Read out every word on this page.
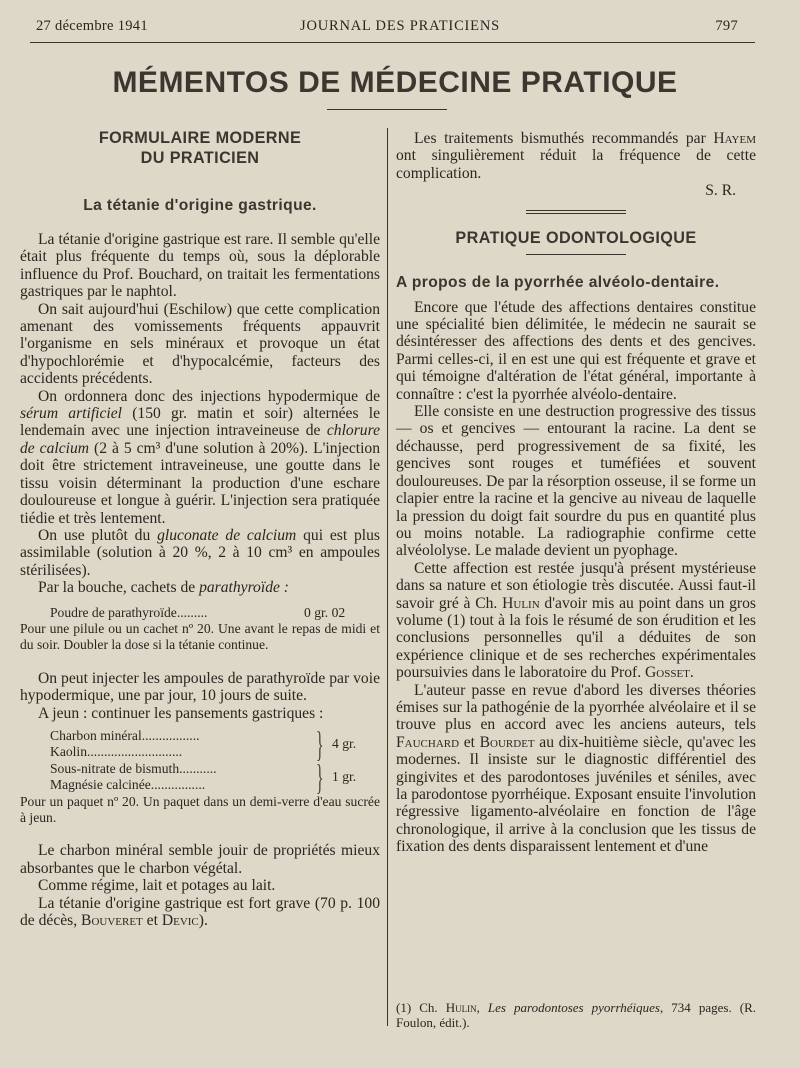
27 décembre 1941	JOURNAL DES PRATICIENS	797
MÉMENTOS DE MÉDECINE PRATIQUE
FORMULAIRE MODERNE
DU PRATICIEN
La tétanie d'origine gastrique.

La tétanie d'origine gastrique est rare. Il semble qu'elle était plus fréquente du temps où, sous la déplorable influence du Prof. Bouchard, on traitait les fermentations gastriques par le naphtol.

On sait aujourd'hui (Eschilow) que cette complication amenant des vomissements fréquents appauvrit l'organisme en sels minéraux et provoque un état d'hypochlorémie et d'hypocalcémie, facteurs des accidents précédents.

On ordonnera donc des injections hypodermique de sérum artificiel (150 gr. matin et soir) alternées le lendemain avec une injection intraveineuse de chlorure de calcium (2 à 5 cm³ d'une solution à 20%). L'injection doit être strictement intraveineuse, une goutte dans le tissu voisin déterminant la production d'une eschare douloureuse et longue à guérir. L'injection sera pratiquée tiédie et très lentement.

On use plutôt du gluconate de calcium qui est plus assimilable (solution à 20 %, 2 à 10 cm³ en ampoules stérilisées).

Par la bouche, cachets de parathyroïde :

Poudre de parathyroïde.........	0 gr. 02

Pour une pilule ou un cachet nº 20. Une avant le repas de midi et du soir. Doubler la dose si la tétanie continue.

On peut injecter les ampoules de parathyroïde par voie hypodermique, une par jour, 10 jours de suite.

A jeun : continuer les pansements gastriques :

Charbon minéral.................
Kaolin............................	} 4 gr.
Sous-nitrate de bismuth...........
Magnésie calcinée................	} 1 gr.

Pour un paquet nº 20. Un paquet dans un demi-verre d'eau sucrée à jeun.

Le charbon minéral semble jouir de propriétés mieux absorbantes que le charbon végétal.

Comme régime, lait et potages au lait.

La tétanie d'origine gastrique est fort grave (70 p. 100 de décès, Bouveret et Devic).

Les traitements bismuthés recommandés par Hayem ont singulièrement réduit la fréquence de cette complication.

S. R.

PRATIQUE ODONTOLOGIQUE
A propos de la pyorrhée alvéolo-dentaire.

Encore que l'étude des affections dentaires constitue une spécialité bien délimitée, le médecin ne saurait se désintéresser des affections des dents et des gencives. Parmi celles-ci, il en est une qui est fréquente et grave et qui témoigne d'altération de l'état général, importante à connaître : c'est la pyorrhée alvéolo-dentaire.

Elle consiste en une destruction progressive des tissus — os et gencives — entourant la racine. La dent se déchausse, perd progressivement de sa fixité, les gencives sont rouges et tuméfiées et souvent douloureuses. De par la résorption osseuse, il se forme un clapier entre la racine et la gencive au niveau de laquelle la pression du doigt fait sourdre du pus en quantité plus ou moins notable. La radiographie confirme cette alvéololyse. Le malade devient un pyophage.

Cette affection est restée jusqu'à présent mystérieuse dans sa nature et son étiologie très discutée. Aussi faut-il savoir gré à Ch. Hulin d'avoir mis au point dans un gros volume (1) tout à la fois le résumé de son érudition et les conclusions personnelles qu'il a déduites de son expérience clinique et de ses recherches expérimentales poursuivies dans le laboratoire du Prof. Gosset.

L'auteur passe en revue d'abord les diverses théories émises sur la pathogénie de la pyorrhée alvéolaire et il se trouve plus en accord avec les anciens auteurs, tels Fauchard et Bourdet au dix-huitième siècle, qu'avec les modernes. Il insiste sur le diagnostic différentiel des gingivites et des parodontoses juvéniles et séniles, avec la parodontose pyorrhéique. Exposant ensuite l'involution régressive ligamento-alvéolaire en fonction de l'âge chronologique, il arrive à la conclusion que les tissus de fixation des dents disparaissent lentement et d'une

(1) Ch. Hulin, Les parodontoses pyorrhéiques, 734 pages. (R. Foulon, édit.).
